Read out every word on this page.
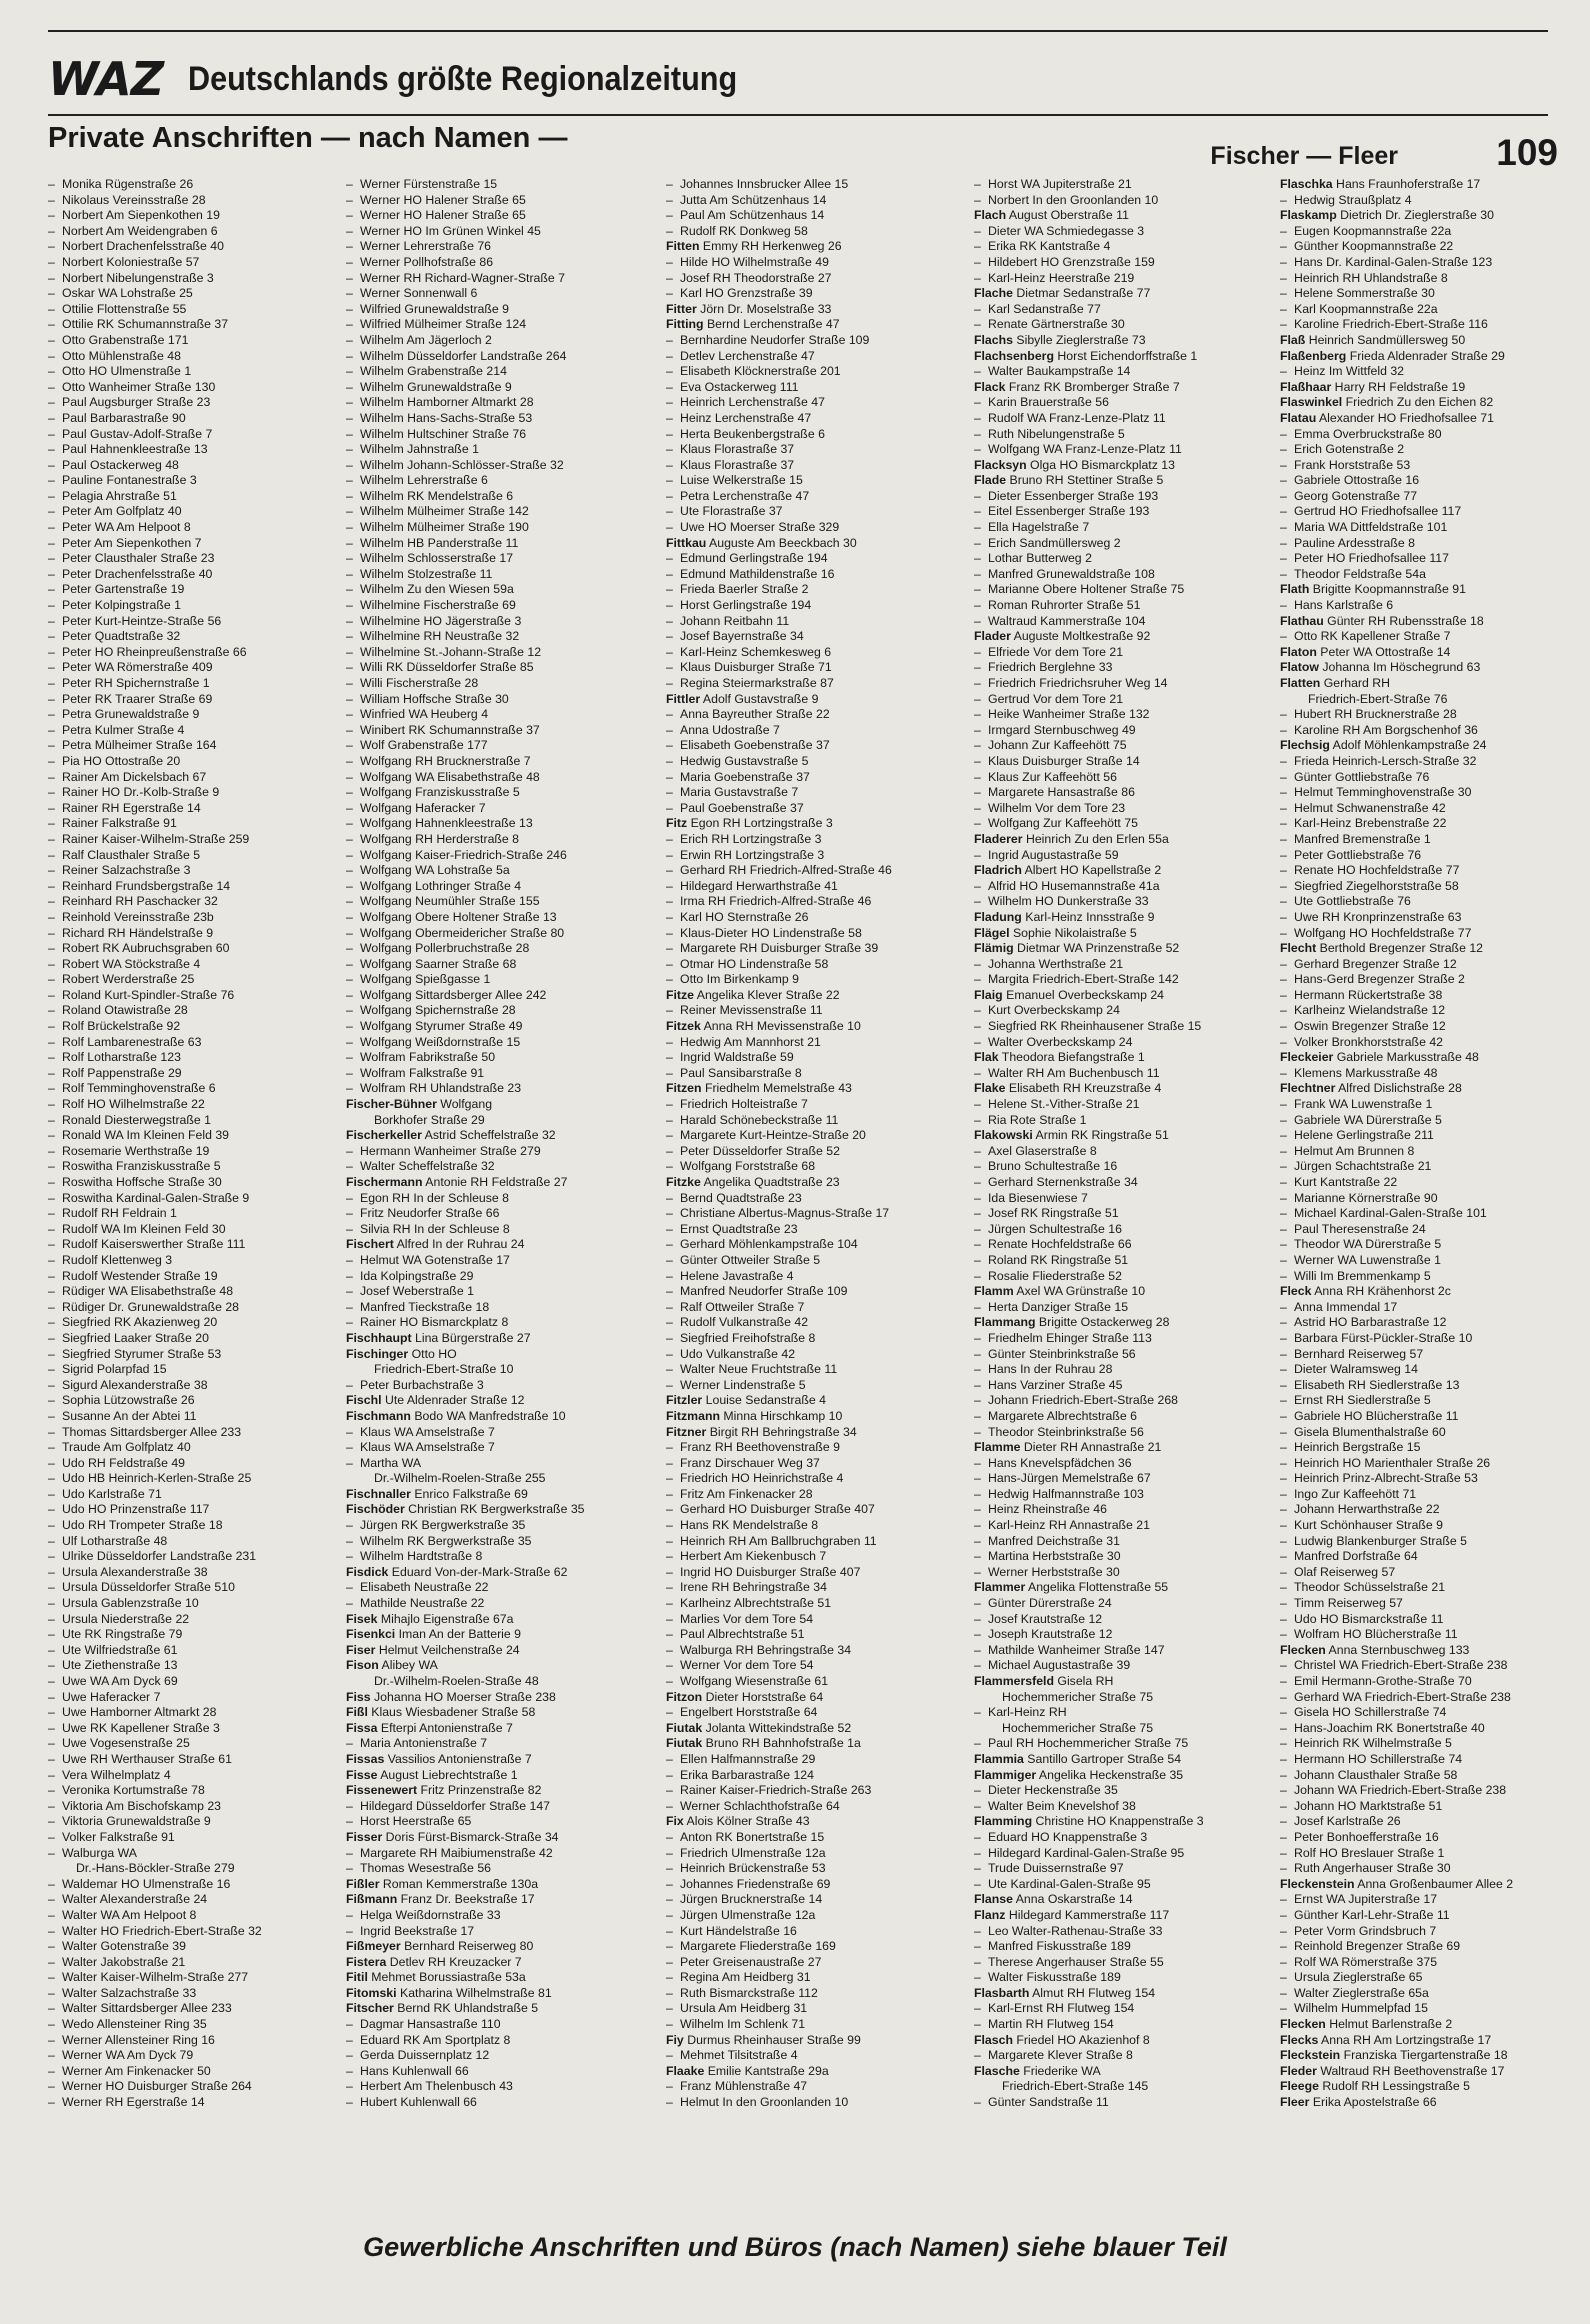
WAZ Deutschlands größte Regionalzeitung
Private Anschriften — nach Namen —
Fischer — Fleer	109
– Monika Rügenstraße 26
– Nikolaus Vereinsstraße 28
– Norbert Am Siepenkothen 19
– Norbert Am Weidengraben 6
– Norbert Drachenfelsstraße 40
– Norbert Koloniestraße 57
– Norbert Nibelungenstraße 3
– Oskar WA Lohstraße 25
– Ottilie Flottenstraße 55
– Ottilie RK Schumannstraße 37
– Otto Grabenstraße 171
– Otto Mühlenstraße 48
– Otto HO Ulmenstraße 1
– Otto Wanheimer Straße 130
– Paul Augsburger Straße 23
– Paul Barbarastraße 90
– Paul Gustav-Adolf-Straße 7
– Paul Hahnenkleestraße 13
– Paul Ostackerweg 48
– Pauline Fontanestraße 3
– Pelagia Ahrstraße 51
– Peter Am Golfplatz 40
– Peter WA Am Helpoot 8
– Peter Am Siepenkothen 7
– Peter Clausthaler Straße 23
– Peter Drachenfelsstraße 40
– Peter Gartenstraße 19
– Peter Kolpingstraße 1
– Peter Kurt-Heintze-Straße 56
– Peter Quadtstraße 32
– Peter HO Rheinpreußenstraße 66
– Peter WA Römerstraße 409
– Peter RH Spichernstraße 1
– Peter RK Traarer Straße 69
– Petra Grunewaldstraße 9
– Petra Kulmer Straße 4
– Petra Mülheimer Straße 164
– Pia HO Ottostraße 20
– Rainer Am Dickelsbach 67
– Rainer HO Dr.-Kolb-Straße 9
– Rainer RH Egerstraße 14
– Rainer Falkstraße 91
– Rainer Kaiser-Wilhelm-Straße 259
– Ralf Clausthaler Straße 5
– Reiner Salzachstraße 3
– Reinhard Frundsbergstraße 14
– Reinhard RH Paschacker 32
– Reinhold Vereinsstraße 23b
– Richard RH Händelstraße 9
– Robert RK Aubruchsgraben 60
– Robert WA Stöckstraße 4
– Robert Werderstraße 25
– Roland Kurt-Spindler-Straße 76
– Roland Otawistraße 28
– Rolf Brückelstraße 92
– Rolf Lambarenestraße 63
– Rolf Lotharstraße 123
– Rolf Pappenstraße 29
– Rolf Temminghovenstraße 6
– Rolf HO Wilhelmstraße 22
– Ronald Diesterwegstraße 1
– Ronald WA Im Kleinen Feld 39
– Rosemarie Werthstraße 19
– Roswitha Franziskusstraße 5
– Roswitha Hoffsche Straße 30
– Roswitha Kardinal-Galen-Straße 9
– Rudolf RH Feldrain 1
– Rudolf WA Im Kleinen Feld 30
– Rudolf Kaiserswerther Straße 111
– Rudolf Klettenweg 3
– Rudolf Westender Straße 19
– Rüdiger WA Elisabethstraße 48
– Rüdiger Dr. Grunewaldstraße 28
– Siegfried RK Akazienweg 20
– Siegfried Laaker Straße 20
– Siegfried Styrumer Straße 53
– Sigrid Polarpfad 15
– Sigurd Alexanderstraße 38
– Sophia Lützowstraße 26
– Susanne An der Abtei 11
– Thomas Sittardsberger Allee 233
– Traude Am Golfplatz 40
– Udo RH Feldstraße 49
– Udo HB Heinrich-Kerlen-Straße 25
– Udo Karlstraße 71
– Udo HO Prinzenstraße 117
– Udo RH Trompeter Straße 18
– Ulf Lotharstraße 48
– Ulrike Düsseldorfer Landstraße 231
– Ursula Alexanderstraße 38
– Ursula Düsseldorfer Straße 510
– Ursula Gablenzstraße 10
– Ursula Niederstraße 22
– Ute RK Ringstraße 79
– Ute Wilfriedstraße 61
– Ute Ziethenstraße 13
– Uwe WA Am Dyck 69
– Uwe Haferacker 7
– Uwe Hamborner Altmarkt 28
– Uwe RK Kapellener Straße 3
– Uwe Vogesenstraße 25
– Uwe RH Werthauser Straße 61
– Vera Wilhelmplatz 4
– Veronika Kortumstraße 78
– Viktoria Am Bischofskamp 23
– Viktoria Grunewaldstraße 9
– Volker Falkstraße 91
– Walburga WA
Dr.-Hans-Böckler-Straße 279
– Waldemar HO Ulmenstraße 16
– Walter Alexanderstraße 24
– Walter WA Am Helpoot 8
– Walter HO Friedrich-Ebert-Straße 32
– Walter Gotenstraße 39
– Walter Jakobstraße 21
– Walter Kaiser-Wilhelm-Straße 277
– Walter Salzachstraße 33
– Walter Sittardsberger Allee 233
– Wedo Allensteiner Ring 35
– Werner Allensteiner Ring 16
– Werner WA Am Dyck 79
– Werner Am Finkenacker 50
– Werner HO Duisburger Straße 264
– Werner RH Egerstraße 14
– Werner Fürstenstraße 15
– Werner HO Halener Straße 65
– Werner HO Halener Straße 65
– Werner HO Im Grünen Winkel 45
– Werner Lehrerstraße 76
– Werner Pollhofstraße 86
– Werner RH Richard-Wagner-Straße 7
– Werner Sonnenwall 6
– Wilfried Grunewaldstraße 9
– Wilfried Mülheimer Straße 124
– Wilhelm Am Jägerloch 2
– Wilhelm Düsseldorfer Landstraße 264
– Wilhelm Grabenstraße 214
– Wilhelm Grunewaldstraße 9
– Wilhelm Hamborner Altmarkt 28
– Wilhelm Hans-Sachs-Straße 53
– Wilhelm Hultschiner Straße 76
– Wilhelm Jahnstraße 1
– Wilhelm Johann-Schlösser-Straße 32
– Wilhelm Lehrerstraße 6
– Wilhelm RK Mendelstraße 6
– Wilhelm Mülheimer Straße 142
– Wilhelm Mülheimer Straße 190
– Wilhelm HB Panderstraße 11
– Wilhelm Schlosserstraße 17
– Wilhelm Stolzestraße 11
– Wilhelm Zu den Wiesen 59a
– Wilhelmine Fischerstraße 69
– Wilhelmine HO Jägerstraße 3
– Wilhelmine RH Neustraße 32
– Wilhelmine St.-Johann-Straße 12
– Willi RK Düsseldorfer Straße 85
– Willi Fischerstraße 28
– William Hoffsche Straße 30
– Winfried WA Heuberg 4
– Winibert RK Schumannstraße 37
– Wolf Grabenstraße 177
– Wolfgang RH Brucknerstraße 7
– Wolfgang WA Elisabethstraße 48
– Wolfgang Franziskusstraße 5
– Wolfgang Haferacker 7
– Wolfgang Hahnenkleestraße 13
– Wolfgang RH Herderstraße 8
– Wolfgang Kaiser-Friedrich-Straße 246
– Wolfgang WA Lohstraße 5a
– Wolfgang Lothringer Straße 4
– Wolfgang Neumühler Straße 155
– Wolfgang Obere Holtener Straße 13
– Wolfgang Obermeidericher Straße 80
– Wolfgang Pollerbruchstraße 28
– Wolfgang Saarner Straße 68
– Wolfgang Spießgasse 1
– Wolfgang Sittardsberger Allee 242
– Wolfgang Spichernstraße 28
– Wolfgang Styrumer Straße 49
– Wolfgang Weißdornstraße 15
– Wolfram Fabrikstraße 50
– Wolfram Falkstraße 91
– Wolfram RH Uhlandstraße 23
Fischer-Bühner Wolfgang
Borkhofer Straße 29
Fischerkeller Astrid Scheffelstraße 32
– Hermann Wanheimer Straße 279
– Walter Scheffelstraße 32
Fischermann Antonie RH Feldstraße 27
– Egon RH In der Schleuse 8
– Fritz Neudorfer Straße 66
– Silvia RH In der Schleuse 8
Fischert Alfred In der Ruhrau 24
– Helmut WA Gotenstraße 17
– Ida Kolpingstraße 29
– Josef Weberstraße 1
– Manfred Tieckstraße 18
– Rainer HO Bismarckplatz 8
Fischhaupt Lina Bürgerstraße 27
Fischinger Otto HO
Friedrich-Ebert-Straße 10
– Peter Burbachstraße 3
Fischl Ute Aldenrader Straße 12
Fischmann Bodo WA Manfredstraße 10
– Klaus WA Amselstraße 7
– Klaus WA Amselstraße 7
– Martha WA
Dr.-Wilhelm-Roelen-Straße 255
Fischnaller Enrico Falkstraße 69
Fischöder Christian RK Bergwerkstraße 35
– Jürgen RK Bergwerkstraße 35
– Wilhelm RK Bergwerkstraße 35
– Wilhelm Hardtstraße 8
Fisdick Eduard Von-der-Mark-Straße 62
– Elisabeth Neustraße 22
– Mathilde Neustraße 22
Fisek Mihajlo Eigenstraße 67a
Fisenkci Iman An der Batterie 9
Fiser Helmut Veilchenstraße 24
Fison Alibey WA
Dr.-Wilhelm-Roelen-Straße 48
Fiss Johanna HO Moerser Straße 238
Fißl Klaus Wiesbadener Straße 58
Fissa Efterpi Antonienstraße 7
– Maria Antonienstraße 7
Fissas Vassilios Antonienstraße 7
Fisse August Liebrechtstraße 1
Fissenewert Fritz Prinzenstraße 82
– Hildegard Düsseldorfer Straße 147
– Horst Heerstraße 65
Fisser Doris Fürst-Bismarck-Straße 34
– Margarete RH Maibiumenstraße 42
– Thomas Wesestraße 56
Fißler Roman Kemmerstraße 130a
Fißmann Franz Dr. Beekstraße 17
– Helga Weißdornstraße 33
– Ingrid Beekstraße 17
Fißmeyer Bernhard Reiserweg 80
Fistera Detlev RH Kreuzacker 7
Fitil Mehmet Borussiastraße 53a
Fitomski Katharina Wilhelmstraße 81
Fitscher Bernd RK Uhlandstraße 5
– Dagmar Hansastraße 110
– Eduard RK Am Sportplatz 8
– Gerda Duissernplatz 12
– Hans Kuhlenwall 66
– Herbert Am Thelenbusch 43
– Hubert Kuhlenwall 66
– Johannes Innsbrucker Allee 15
– Jutta Am Schützenhaus 14
– Paul Am Schützenhaus 14
– Rudolf RK Donkweg 58
Fitten Emmy RH Herkenweg 26
– Hilde HO Wilhelmstraße 49
– Josef RH Theodorstraße 27
– Karl HO Grenzstraße 39
Fitter Jörn Dr. Moselstraße 33
Fitting Bernd Lerchenstraße 47
– Bernhardine Neudorfer Straße 109
– Detlev Lerchenstraße 47
– Elisabeth Klöcknerstraße 201
– Eva Ostackerweg 111
– Heinrich Lerchenstraße 47
– Heinz Lerchenstraße 47
– Herta Beukenbergstraße 6
– Klaus Florastraße 37
– Klaus Florastraße 37
– Luise Welkerstraße 15
– Petra Lerchenstraße 47
– Ute Florastraße 37
– Uwe HO Moerser Straße 329
Fittkau Auguste Am Beeckbach 30
– Edmund Gerlingstraße 194
– Edmund Mathildenstraße 16
– Frieda Baerler Straße 2
– Horst Gerlingstraße 194
– Johann Reitbahn 11
– Josef Bayernstraße 34
– Karl-Heinz Schemkesweg 6
– Klaus Duisburger Straße 71
– Regina Steiermarkstraße 87
Fittler Adolf Gustavstraße 9
– Anna Bayreuther Straße 22
– Anna Udostraße 7
– Elisabeth Goebenstraße 37
– Hedwig Gustavstraße 5
– Maria Goebenstraße 37
– Maria Gustavstraße 7
– Paul Goebenstraße 37
Fitz Egon RH Lortzingstraße 3
– Erich RH Lortzingstraße 3
– Erwin RH Lortzingstraße 3
– Gerhard RH Friedrich-Alfred-Straße 46
– Hildegard Herwarthstraße 41
– Irma RH Friedrich-Alfred-Straße 46
– Karl HO Sternstraße 26
– Klaus-Dieter HO Lindenstraße 58
– Margarete RH Duisburger Straße 39
– Otmar HO Lindenstraße 58
– Otto Im Birkenkamp 9
Fitze Angelika Klever Straße 22
– Reiner Mevissenstraße 11
Fitzek Anna RH Mevissenstraße 10
– Hedwig Am Mannhorst 21
– Ingrid Waldstraße 59
– Paul Sansibarstraße 8
Fitzen Friedhelm Memelstraße 43
– Friedrich Holteistraße 7
– Harald Schönebeckstraße 11
– Margarete Kurt-Heintze-Straße 20
– Peter Düsseldorfer Straße 52
– Wolfgang Forststraße 68
Fitzke Angelika Quadtstraße 23
– Bernd Quadtstraße 23
– Christiane Albertus-Magnus-Straße 17
– Ernst Quadtstraße 23
– Gerhard Möhlenkampstraße 104
– Günter Ottweiler Straße 5
– Helene Javastraße 4
– Manfred Neudorfer Straße 109
– Ralf Ottweiler Straße 7
– Rudolf Vulkanstraße 42
– Siegfried Freihofstraße 8
– Udo Vulkanstraße 42
– Walter Neue Fruchtstraße 11
– Werner Lindenstraße 5
Fitzler Louise Sedanstraße 4
Fitzmann Minna Hirschkamp 10
Fitzner Birgit RH Behringstraße 34
– Franz RH Beethovenstraße 9
– Franz Dirschauer Weg 37
– Friedrich HO Heinrichstraße 4
– Fritz Am Finkenacker 28
– Gerhard HO Duisburger Straße 407
– Hans RK Mendelstraße 8
– Heinrich RH Am Ballbruchgraben 11
– Herbert Am Kiekenbusch 7
– Ingrid HO Duisburger Straße 407
– Irene RH Behringstraße 34
– Karlheinz Albrechtstraße 51
– Marlies Vor dem Tore 54
– Paul Albrechtstraße 51
– Walburga RH Behringstraße 34
– Werner Vor dem Tore 54
– Wolfgang Wiesenstraße 61
Fitzon Dieter Horststraße 64
– Engelbert Horststraße 64
Fiutak Jolanta Wittekindstraße 52
Fiutak Bruno RH Bahnhofstraße 1a
– Ellen Halfmannstraße 29
– Erika Barbarastraße 124
– Rainer Kaiser-Friedrich-Straße 263
– Werner Schlachthofstraße 64
Fix Alois Kölner Straße 43
– Anton RK Bonertstraße 15
– Friedrich Ulmenstraße 12a
– Heinrich Brückenstraße 53
– Johannes Friedenstraße 69
– Jürgen Brucknerstraße 14
– Jürgen Ulmenstraße 12a
– Kurt Händelstraße 16
– Margarete Fliederstraße 169
– Peter Greisenaustraße 27
– Regina Am Heidberg 31
– Ruth Bismarckstraße 112
– Ursula Am Heidberg 31
– Wilhelm Im Schlenk 71
Fiy Durmus Rheinhauser Straße 99
– Mehmet Tilsitstraße 4
Flaake Emilie Kantstraße 29a
– Franz Mühlenstraße 47
– Helmut In den Groonlanden 10
– Horst WA Jupiterstraße 21
– Norbert In den Groonlanden 10
Flach August Oberstraße 11
– Dieter WA Schmiedegasse 3
– Erika RK Kantstraße 4
– Hildebert HO Grenzstraße 159
– Karl-Heinz Heerstraße 219
Flache Dietmar Sedanstraße 77
– Karl Sedanstraße 77
– Renate Gärtnerstraße 30
Flachs Sibylle Zieglerstraße 73
Flachsenberg Horst Eichendorffstraße 1
– Walter Baukampstraße 14
Flack Franz RK Bromberger Straße 7
– Karin Brauerstraße 56
– Rudolf WA Franz-Lenze-Platz 11
– Ruth Nibelungenstraße 5
– Wolfgang WA Franz-Lenze-Platz 11
Flacksyn Olga HO Bismarckplatz 13
Flade Bruno RH Stettiner Straße 5
– Dieter Essenberger Straße 193
– Eitel Essenberger Straße 193
– Ella Hagelstraße 7
– Erich Sandmüllersweg 2
– Lothar Butterweg 2
– Manfred Grunewaldstraße 108
– Marianne Obere Holtener Straße 75
– Roman Ruhrorter Straße 51
– Waltraud Kammerstraße 104
Flader Auguste Moltkestraße 92
– Elfriede Vor dem Tore 21
– Friedrich Berglehne 33
– Friedrich Friedrichsruher Weg 14
– Gertrud Vor dem Tore 21
– Heike Wanheimer Straße 132
– Irmgard Sternbuschweg 49
– Johann Zur Kaffeehött 75
– Klaus Duisburger Straße 14
– Klaus Zur Kaffeehött 56
– Margarete Hansastraße 86
– Wilhelm Vor dem Tore 23
– Wolfgang Zur Kaffeehött 75
Fladerer Heinrich Zu den Erlen 55a
– Ingrid Augustastraße 59
Fladrich Albert HO Kapellstraße 2
– Alfrid HO Husemannstraße 41a
– Wilhelm HO Dunkerstraße 33
Fladung Karl-Heinz Innsstraße 9
Flägel Sophie Nikolaistraße 5
Flämig Dietmar WA Prinzenstraße 52
– Johanna Werthstraße 21
– Margita Friedrich-Ebert-Straße 142
Flaig Emanuel Overbeckskamp 24
– Kurt Overbeckskamp 24
– Siegfried RK Rheinhausener Straße 15
– Walter Overbeckskamp 24
Flak Theodora Biefangstraße 1
– Walter RH Am Buchenbusch 11
Flake Elisabeth RH Kreuzstraße 4
– Helene St.-Vither-Straße 21
– Ria Rote Straße 1
Flakowski Armin RK Ringstraße 51
– Axel Glaserstraße 8
– Bruno Schultestraße 16
– Gerhard Sternenkstraße 34
– Ida Biesenwiese 7
– Josef RK Ringstraße 51
– Jürgen Schultestraße 16
– Renate Hochfeldstraße 66
– Roland RK Ringstraße 51
– Rosalie Fliederstraße 52
Flamm Axel WA Grünstraße 10
– Herta Danziger Straße 15
Flammang Brigitte Ostackerweg 28
– Friedhelm Ehinger Straße 113
– Günter Steinbrinkstraße 56
– Hans In der Ruhrau 28
– Hans Varziner Straße 45
– Johann Friedrich-Ebert-Straße 268
– Margarete Albrechtstraße 6
– Theodor Steinbrinkstraße 56
Flamme Dieter RH Annastraße 21
– Hans Knevelspfädchen 36
– Hans-Jürgen Memelstraße 67
– Hedwig Halfmannstraße 103
– Heinz Rheinstraße 46
– Karl-Heinz RH Annastraße 21
– Manfred Deichstraße 31
– Martina Herbststraße 30
– Werner Herbststraße 30
Flammer Angelika Flottenstraße 55
– Günter Dürerstraße 24
– Josef Krautstraße 12
– Joseph Krautstraße 12
– Mathilde Wanheimer Straße 147
– Michael Augustastraße 39
Flammersfeld Gisela RH
Hochemmericher Straße 75
– Karl-Heinz RH
Hochemmericher Straße 75
– Paul RH Hochemmericher Straße 75
Flammia Santillo Gartroper Straße 54
Flammiger Angelika Heckenstraße 35
– Dieter Heckenstraße 35
– Walter Beim Knevelshof 38
Flamming Christine HO Knappenstraße 3
– Eduard HO Knappenstraße 3
– Hildegard Kardinal-Galen-Straße 95
– Trude Duissernstraße 97
– Ute Kardinal-Galen-Straße 95
Flanse Anna Oskarstraße 14
Flanz Hildegard Kammerstraße 117
– Leo Walter-Rathenau-Straße 33
– Manfred Fiskusstraße 189
– Therese Angerhauser Straße 55
– Walter Fiskusstraße 189
Flasbarth Almut RH Flutweg 154
– Karl-Ernst RH Flutweg 154
– Martin RH Flutweg 154
Flasch Friedel HO Akazienhof 8
– Margarete Klever Straße 8
Flasche Friederike WA
Friedrich-Ebert-Straße 145
– Günter Sandstraße 11
Flaschka Hans Fraunhoferstraße 17
– Hedwig Straußplatz 4
Flaskamp Dietrich Dr. Zieglerstraße 30
– Eugen Koopmannstraße 22a
– Günther Koopmannstraße 22
– Hans Dr. Kardinal-Galen-Straße 123
– Heinrich RH Uhlandstraße 8
– Helene Sommerstraße 30
– Karl Koopmannstraße 22a
– Karoline Friedrich-Ebert-Straße 116
Flaß Heinrich Sandmüllersweg 50
Flaßenberg Frieda Aldenrader Straße 29
– Heinz Im Wittfeld 32
Flaßhaar Harry RH Feldstraße 19
Flaswinkel Friedrich Zu den Eichen 82
Flatau Alexander HO Friedhofsallee 71
– Emma Overbruckstraße 80
– Erich Gotenstraße 2
– Frank Horststraße 53
– Gabriele Ottostraße 16
– Georg Gotenstraße 77
– Gertrud HO Friedhofsallee 117
– Maria WA Dittfeldstraße 101
– Pauline Ardesstraße 8
– Peter HO Friedhofsallee 117
– Theodor Feldstraße 54a
Flath Brigitte Koopmannstraße 91
– Hans Karlstraße 6
Flathau Günter RH Rubensstraße 18
– Otto RK Kapellener Straße 7
Flaton Peter WA Ottostraße 14
Flatow Johanna Im Höschegrund 63
Flatten Gerhard RH
Friedrich-Ebert-Straße 76
– Hubert RH Brucknerstraße 28
– Karoline RH Am Borgschenhof 36
Flechsig Adolf Möhlenkampstraße 24
– Frieda Heinrich-Lersch-Straße 32
– Günter Gottliebstraße 76
– Helmut Temminghovenstraße 30
– Helmut Schwanenstraße 42
– Karl-Heinz Brebenstraße 22
– Manfred Bremenstraße 1
– Peter Gottliebstraße 76
– Renate HO Hochfeldstraße 77
– Siegfried Ziegelhorststraße 58
– Ute Gottliebstraße 76
– Uwe RH Kronprinzenstraße 63
– Wolfgang HO Hochfeldstraße 77
Flecht Berthold Bregenzer Straße 12
– Gerhard Bregenzer Straße 12
– Hans-Gerd Bregenzer Straße 2
– Hermann Rückertstraße 38
– Karlheinz Wielandstraße 12
– Oswin Bregenzer Straße 12
– Volker Bronkhorststraße 42
Fleckeier Gabriele Markusstraße 48
– Klemens Markusstraße 48
Flechtner Alfred Dislichstraße 28
– Frank WA Luwenstraße 1
– Gabriele WA Dürerstraße 5
– Helene Gerlingstraße 211
– Helmut Am Brunnen 8
– Jürgen Schachtstraße 21
– Kurt Kantstraße 22
– Marianne Körnerstraße 90
– Michael Kardinal-Galen-Straße 101
– Paul Theresenstraße 24
– Theodor WA Dürerstraße 5
– Werner WA Luwenstraße 1
– Willi Im Bremmenkamp 5
Fleck Anna RH Krähenhorst 2c
– Anna Immendal 17
– Astrid HO Barbarastraße 12
– Barbara Fürst-Pückler-Straße 10
– Bernhard Reiserweg 57
– Dieter Walramsweg 14
– Elisabeth RH Siedlerstraße 13
– Ernst RH Siedlerstraße 5
– Gabriele HO Blücherstraße 11
– Gisela Blumenthalstraße 60
– Heinrich Bergstraße 15
– Heinrich HO Marienthaler Straße 26
– Heinrich Prinz-Albrecht-Straße 53
– Ingo Zur Kaffeehött 71
– Johann Herwarthstraße 22
– Kurt Schönhauser Straße 9
– Ludwig Blankenburger Straße 5
– Manfred Dorfstraße 64
– Olaf Reiserweg 57
– Theodor Schüsselstraße 21
– Timm Reiserweg 57
– Udo HO Bismarckstraße 11
– Wolfram HO Blücherstraße 11
Flecken Anna Sternbuschweg 133
– Christel WA Friedrich-Ebert-Straße 238
– Emil Hermann-Grothe-Straße 70
– Gerhard WA Friedrich-Ebert-Straße 238
– Gisela HO Schillerstraße 74
– Hans-Joachim RK Bonertstraße 40
– Heinrich RK Wilhelmstraße 5
– Hermann HO Schillerstraße 74
– Johann Clausthaler Straße 58
– Johann WA Friedrich-Ebert-Straße 238
– Johann HO Marktstraße 51
– Josef Karlstraße 26
– Peter Bonhoefferstraße 16
– Rolf HO Breslauer Straße 1
– Ruth Angerhauser Straße 30
Fleckenstein Anna Großenbaumer Allee 2
– Ernst WA Jupiterstraße 17
– Günther Karl-Lehr-Straße 11
– Peter Vorm Grindsbruch 7
– Reinhold Bregenzer Straße 69
– Rolf WA Römerstraße 375
– Ursula Zieglerstraße 65
– Walter Zieglerstraße 65a
– Wilhelm Hummelpfad 15
Flecken Helmut Barlenstraße 2
Flecks Anna RH Am Lortzingstraße 17
Fleckstein Franziska Tiergartenstraße 18
Fleder Waltraud RH Beethovenstraße 17
Fleege Rudolf RH Lessingstraße 5
Fleer Erika Apostelstraße 66
Gewerbliche Anschriften und Büros (nach Namen) siehe blauer Teil
